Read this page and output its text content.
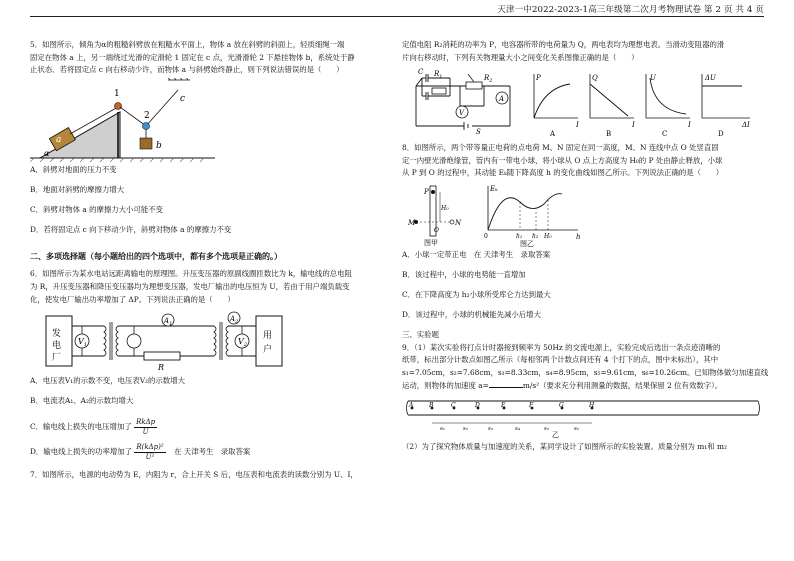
天津一中2022-2023-1高三年级第二次月考物理试卷 第 2 页 共 4 页

5．如图所示，倾角为α的粗糙斜劈放在粗糙水平面上，物体 a 放在斜劈的斜面上，轻质细绳一端

固定在物体 a 上，另一端绕过光滑的定滑轮 1 固定在 c 点，光滑滑轮 2 下悬挂物体 b，系统处于静

止状态．若将固定点 c 向右移动少许，而物体 a 与斜劈始终静止，则下列说法错误的是（　　）

a
α
1
2
b
c

A．斜劈对地面的压力不变

B．地面对斜劈的摩擦力增大

C．斜劈对物体 a 的摩擦力大小可能不变

D．若将固定点 c 向下移动少许，斜劈对物体 a 的摩擦力不变

二、多项选择题（每小题给出的四个选项中，都有多个选项是正确的。）

6．如图所示为某水电站远距离输电的原理图。升压变压器的原副线圈匝数比为 k，输电线的总电阻

为 R，升压变压器和降压变压器均为理想变压器，发电厂输出的电压恒为 U，若由于用户端负载变

化，使发电厂输出功率增加了 ΔP。下列说法正确的是（　　）

发
电
厂
$V_1$
$A_1$
R
$A_2$
$V_2$
用
户

A．电压表V₁的示数不变，电压表V₂的示数增大

B．电流表A₁、A₂的示数均增大

C．输电线上损失的电压增加了 $\frac{\text{RkΔp}}{U}$
D．输电线上损失的功率增加了 $\frac{\text{R(kΔp)²}}{\text{U²}}$ 在 天津考生　录取答案

7．如图所示，电源的电动势为 E，内阻为 r，合上开关 S 后，电压表和电流表的读数分别为 U、I，

定值电阻 R₂消耗的功率为 P，电容器所带的电荷量为 Q，两电表均为理想电表。当滑动变阻器的滑

片向右移动时，下列有关物理量大小之间变化关系图像正确的是（　　）

A
V
C $R_1$	$R_2$
S
P
I
A
Q
I
B
U
I
C
ΔU
ΔI
D

8．如图所示，两个带等量正电荷的点电荷 M、N 固定在同一高度，M、N 连线中点 O 处竖直固

定一内壁光滑绝缘管，管内有一带电小球，将小球从 O 点上方高度为 H₀的 P 处由静止释放，小球

从 P 到 O 的过程中，其动能 Eₖ随下降高度 h 的变化曲线如图乙所示。下列说法正确的是（　　）

P
H₀
M	N
O
图甲
Eₖ
h
0	h₁ h₂ H₀
图乙

A．小球一定带正电　在 天津考生　录取答案

B．该过程中，小球的电势能一直增加

C．在下降高度为 h₂小球所受库仑力达到最大

D．该过程中，小球的机械能先减小后增大

三、实验题

9．（1）某次实验将打点计时器接到频率为 50Hz 的交流电源上，实验完成后选出一条点迹清晰的

纸带，标出部分计数点如图乙所示（每相邻两个计数点间还有 4 个打下的点，图中未标出），其中

s₁=7.05cm，s₂=7.68cm，s₃=8.33cm，s₄=8.95cm，s₅=9.61cm，s₆=10.26cm。已知物体做匀加速直线

运动，则物体的加速度 a=	m/s²（要求充分利用测量的数据，结果保留 2 位有效数字）。

A	B	C	D	E	F	G	H
s₁	s₂	s₃	s₄	s₅	s₆
乙

（2）为了探究物体质量与加速度的关系，某同学设计了如图所示的实验装置。质量分别为 m₁和 m₂
